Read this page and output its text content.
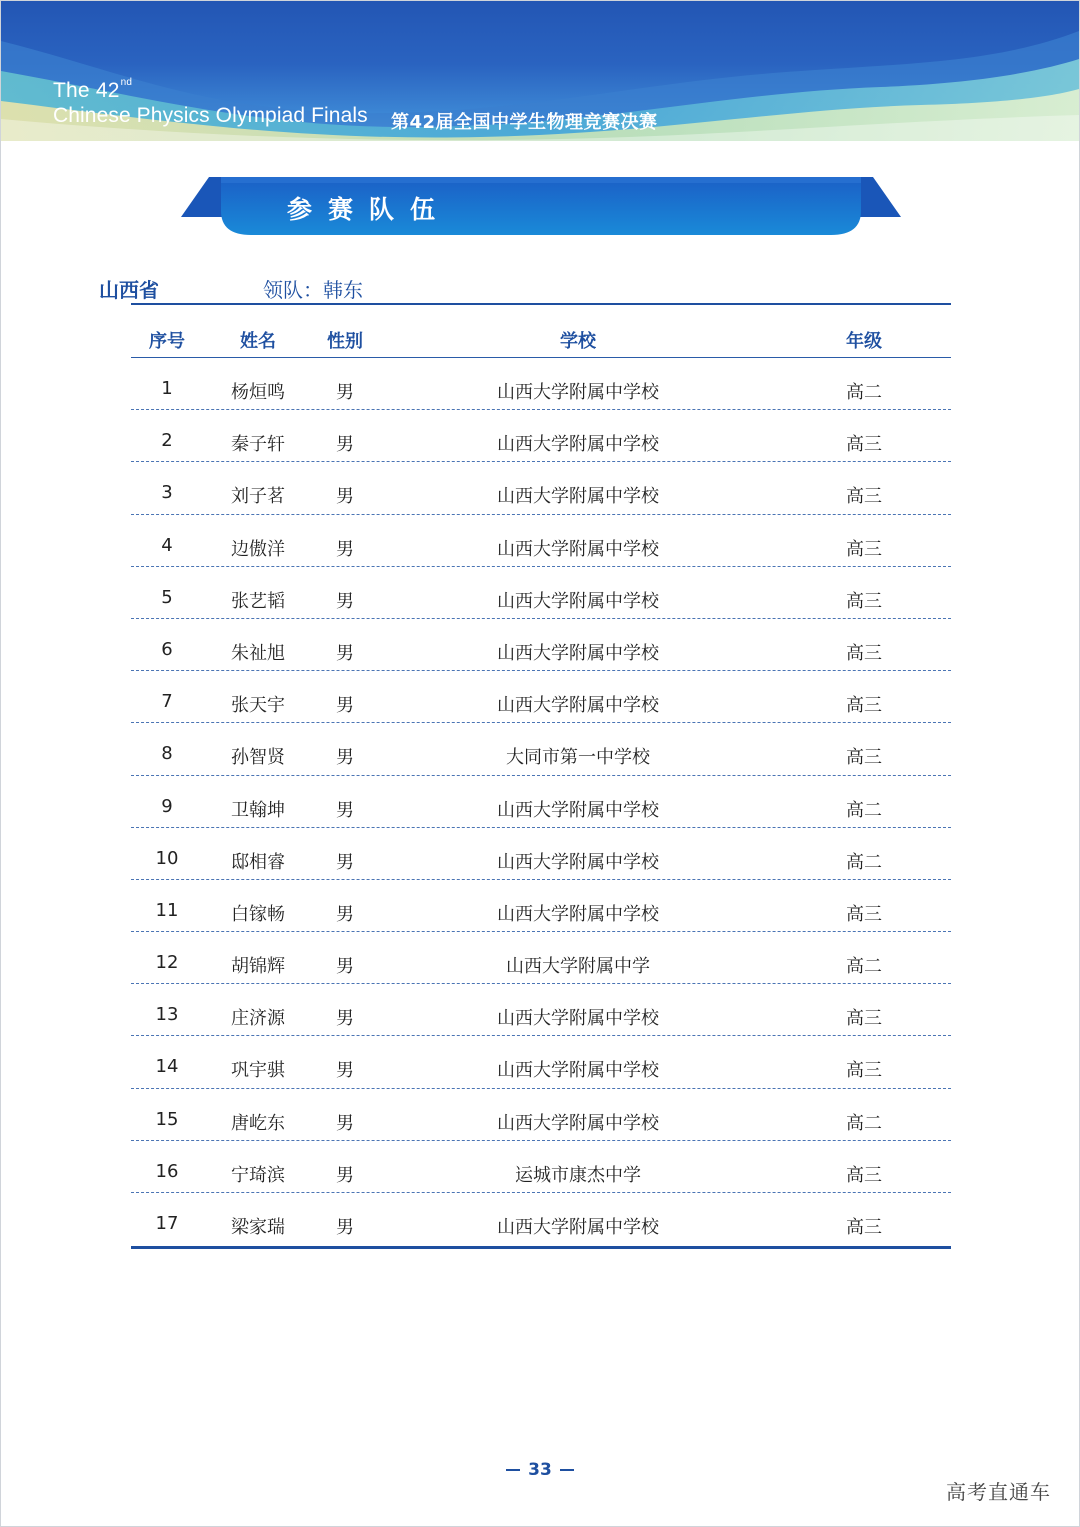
The 42nd
Chinese Physics Olympiad Finals 第42届全国中学生物理竞赛决赛
参赛队伍
山西省	领队：韩东
序号	姓名	性别	学校	年级
1	杨烜鸣	男	山西大学附属中学校	高二
2	秦子轩	男	山西大学附属中学校	高三
3	刘子茗	男	山西大学附属中学校	高三
4	边傲洋	男	山西大学附属中学校	高三
5	张艺韬	男	山西大学附属中学校	高三
6	朱祉旭	男	山西大学附属中学校	高三
7	张天宇	男	山西大学附属中学校	高三
8	孙智贤	男	大同市第一中学校	高三
9	卫翰坤	男	山西大学附属中学校	高二
10	邸相睿	男	山西大学附属中学校	高二
11	白镓畅	男	山西大学附属中学校	高三
12	胡锦辉	男	山西大学附属中学	高二
13	庄济源	男	山西大学附属中学校	高三
14	巩宇骐	男	山西大学附属中学校	高三
15	唐屹东	男	山西大学附属中学校	高二
16	宁琦滨	男	运城市康杰中学	高三
17	梁家瑞	男	山西大学附属中学校	高三
33
高考直通车
